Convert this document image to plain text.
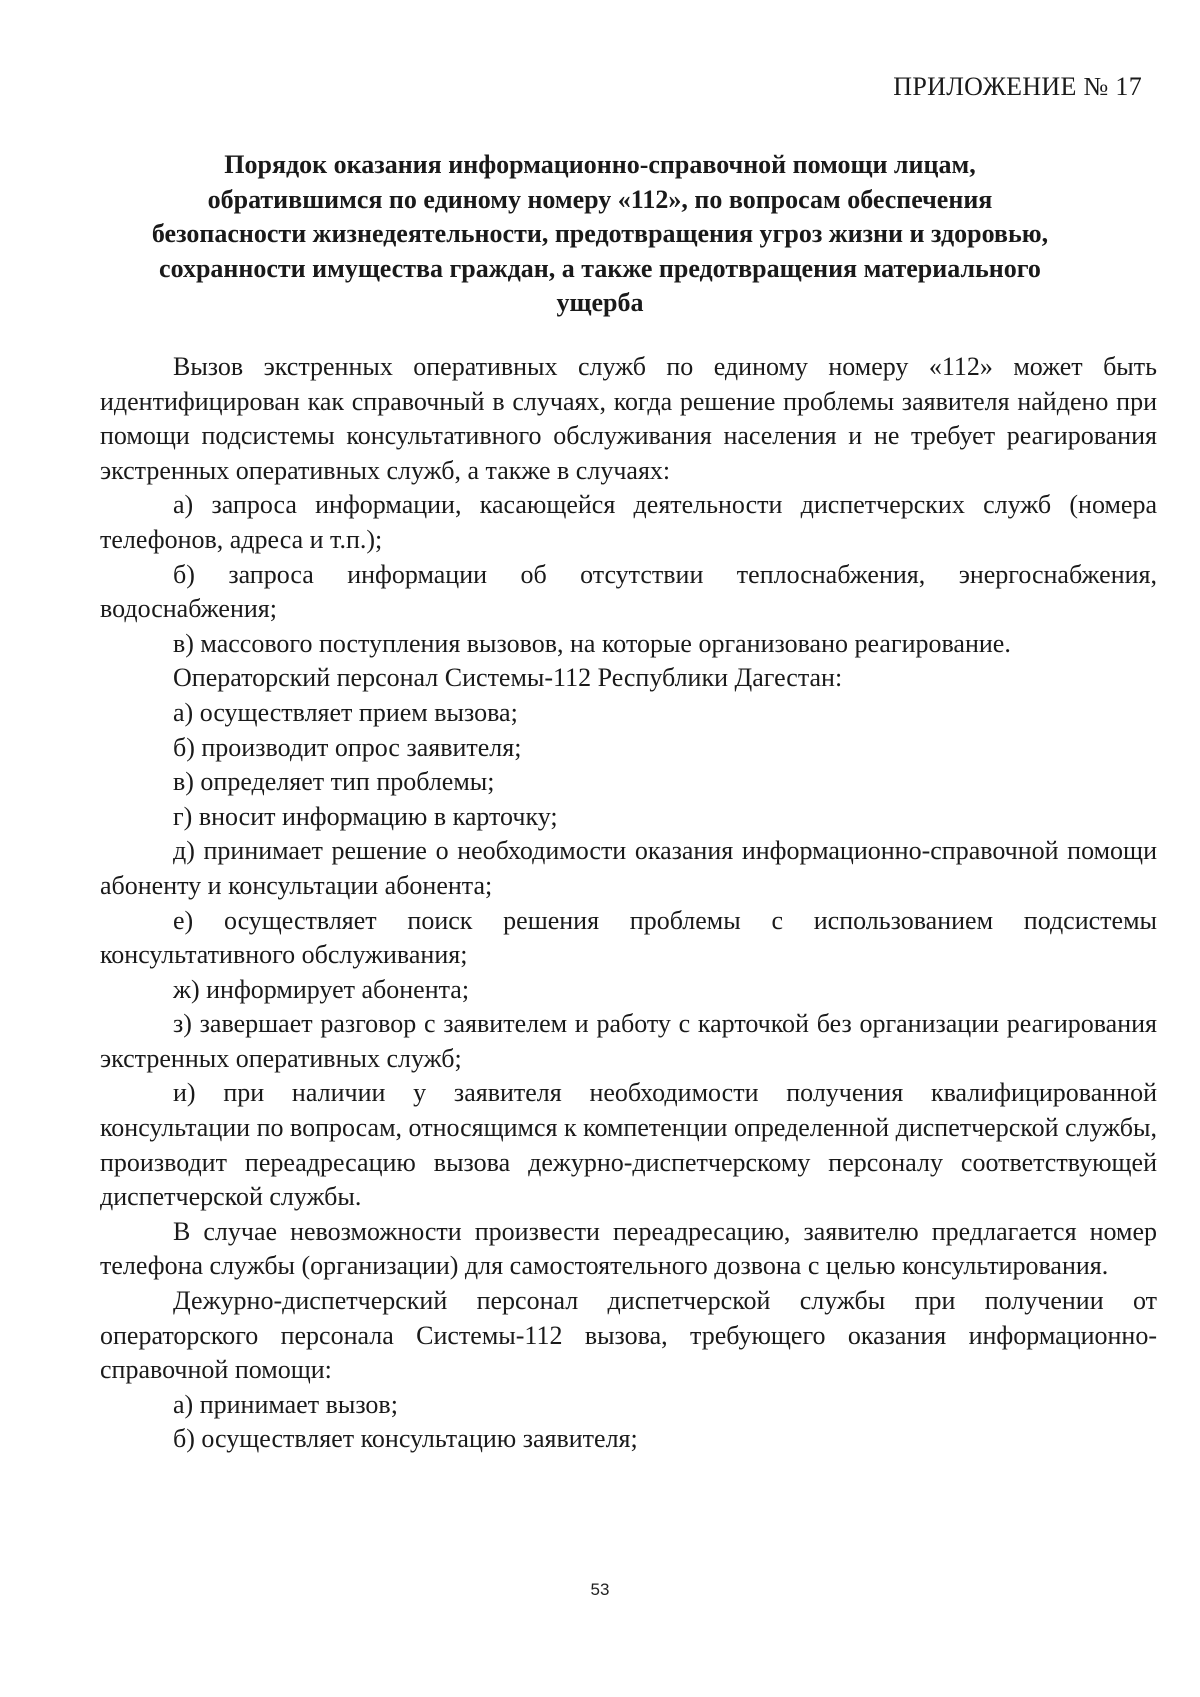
ПРИЛОЖЕНИЕ № 17
Порядок оказания информационно-справочной помощи лицам,
обратившимся по единому номеру «112», по вопросам обеспечения
безопасности жизнедеятельности, предотвращения угроз жизни и здоровью,
сохранности имущества граждан, а также предотвращения материального
ущерба

Вызов экстренных оперативных служб по единому номеру «112» может быть идентифицирован как справочный в случаях, когда решение проблемы заявителя найдено при помощи подсистемы консультативного обслуживания населения и не требует реагирования экстренных оперативных служб, а также в случаях:

а) запроса информации, касающейся деятельности диспетчерских служб (номера телефонов, адреса и т.п.);

б) запроса информации об отсутствии теплоснабжения, энергоснабжения, водоснабжения;

в) массового поступления вызовов, на которые организовано реагирование.

Операторский персонал Системы-112 Республики Дагестан:

а) осуществляет прием вызова;

б) производит опрос заявителя;

в) определяет тип проблемы;

г) вносит информацию в карточку;

д) принимает решение о необходимости оказания информационно-справочной помощи абоненту и консультации абонента;

е) осуществляет поиск решения проблемы с использованием подсистемы консультативного обслуживания;

ж) информирует абонента;

з) завершает разговор с заявителем и работу с карточкой без организации реагирования экстренных оперативных служб;

и) при наличии у заявителя необходимости получения квалифицированной консультации по вопросам, относящимся к компетенции определенной диспетчерской службы, производит переадресацию вызова дежурно-диспетчерскому персоналу соответствующей диспетчерской службы.

В случае невозможности произвести переадресацию, заявителю предлагается номер телефона службы (организации) для самостоятельного дозвона с целью консультирования.

Дежурно-диспетчерский персонал диспетчерской службы при получении от операторского персонала Системы-112 вызова, требующего оказания информационно-справочной помощи:

а) принимает вызов;

б) осуществляет консультацию заявителя;

53
